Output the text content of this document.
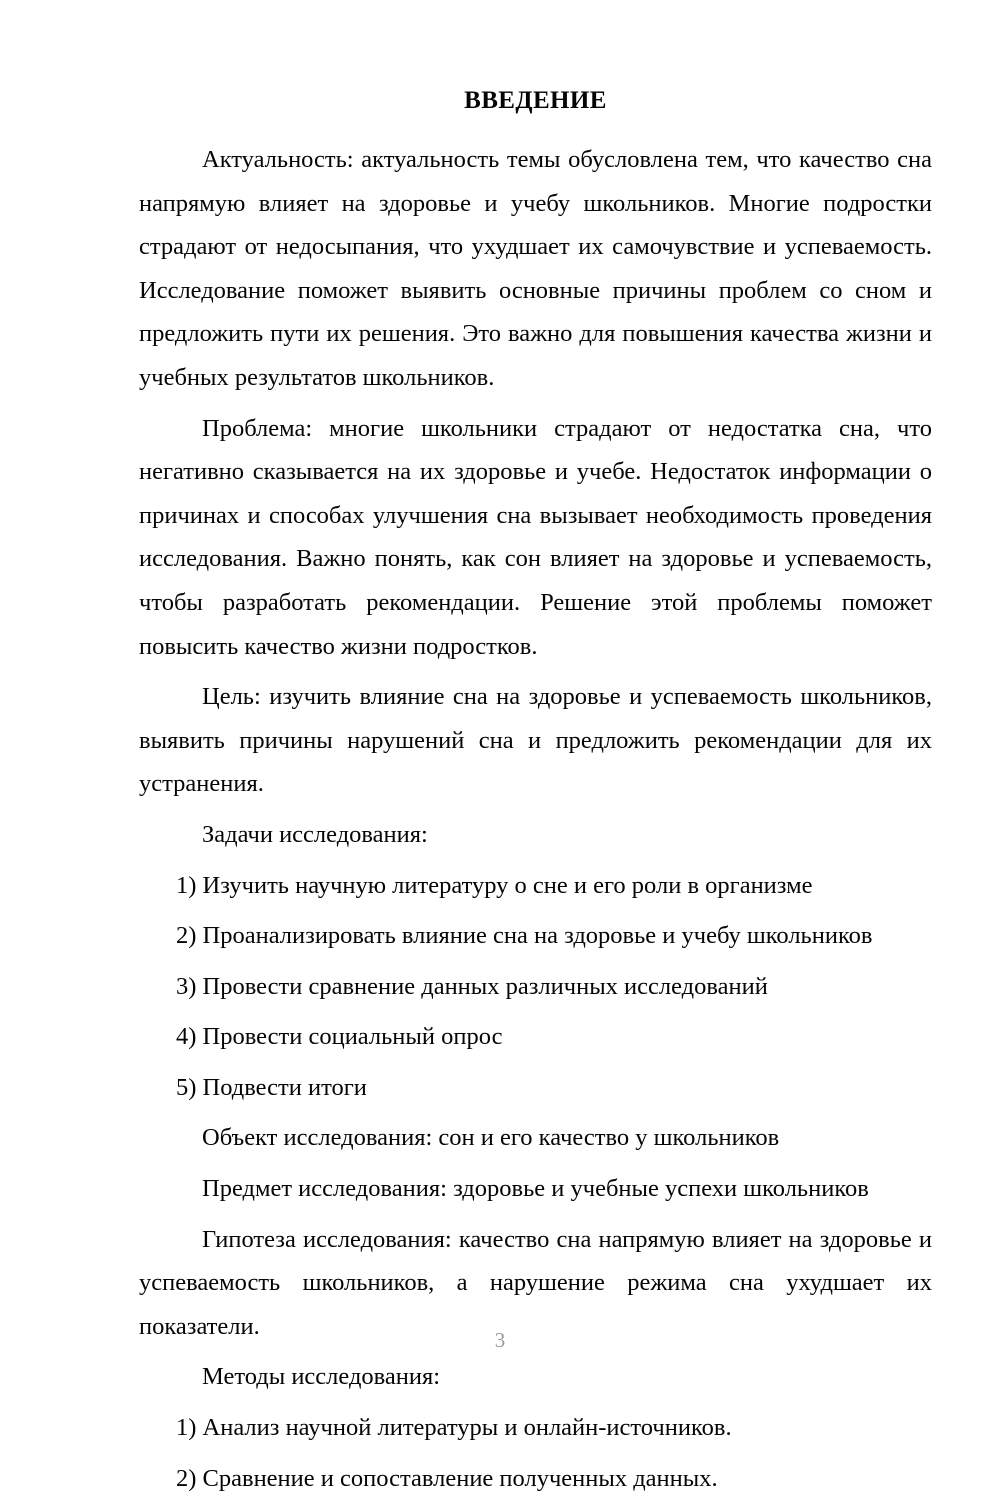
ВВЕДЕНИЕ

Актуальность: актуальность темы обусловлена тем, что качество сна напрямую влияет на здоровье и учебу школьников. Многие подростки страдают от недосыпания, что ухудшает их самочувствие и успеваемость. Исследование поможет выявить основные причины проблем со сном и предложить пути их решения. Это важно для повышения качества жизни и учебных результатов школьников.

Проблема: многие школьники страдают от недостатка сна, что негативно сказывается на их здоровье и учебе. Недостаток информации о причинах и способах улучшения сна вызывает необходимость проведения исследования. Важно понять, как сон влияет на здоровье и успеваемость, чтобы разработать рекомендации. Решение этой проблемы поможет повысить качество жизни подростков.

Цель: изучить влияние сна на здоровье и успеваемость школьников, выявить причины нарушений сна и предложить рекомендации для их устранения.

Задачи исследования:

1) Изучить научную литературу о сне и его роли в организме
2) Проанализировать влияние сна на здоровье и учебу школьников
3) Провести сравнение данных различных исследований
4) Провести социальный опрос
5) Подвести итоги

Объект исследования: сон и его качество у школьников

Предмет исследования: здоровье и учебные успехи школьников

Гипотеза исследования: качество сна напрямую влияет на здоровье и успеваемость школьников, а нарушение режима сна ухудшает их показатели.

Методы исследования:

1) Анализ научной литературы и онлайн-источников.
2) Сравнение и сопоставление полученных данных.
3
